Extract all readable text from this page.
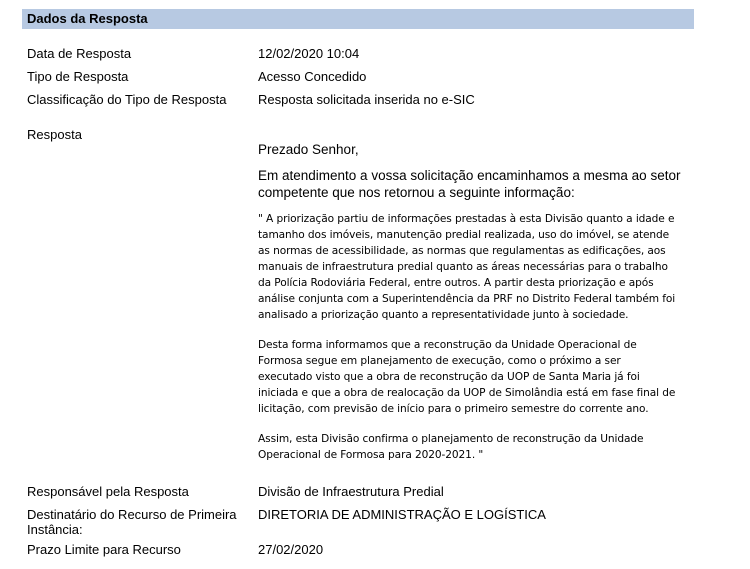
Dados da Resposta
Data de Resposta	12/02/2020 10:04
Tipo de Resposta	Acesso Concedido
Classificação do Tipo de Resposta	Resposta solicitada inserida no e-SIC
Resposta
Prezado Senhor,
Em atendimento a vossa solicitação encaminhamos a mesma ao setor
competente que nos retornou a seguinte informação:
" A priorização partiu de informações prestadas à esta Divisão quanto a idade e
tamanho dos imóveis, manutenção predial realizada, uso do imóvel, se atende
as normas de acessibilidade, as normas que regulamentas as edificações, aos
manuais de infraestrutura predial quanto as áreas necessárias para o trabalho
da Polícia Rodoviária Federal, entre outros. A partir desta priorização e após
análise conjunta com a Superintendência da PRF no Distrito Federal também foi
analisado a priorização quanto a representatividade junto à sociedade.
Desta forma informamos que a reconstrução da Unidade Operacional de
Formosa segue em planejamento de execução, como o próximo a ser
executado visto que a obra de reconstrução da UOP de Santa Maria já foi
iniciada e que a obra de realocação da UOP de Simolândia está em fase final de
licitação, com previsão de início para o primeiro semestre do corrente ano.
Assim, esta Divisão confirma o planejamento de reconstrução da Unidade
Operacional de Formosa para 2020-2021. "
Responsável pela Resposta	Divisão de Infraestrutura Predial
Destinatário do Recurso de Primeira
Instância:
DIRETORIA DE ADMINISTRAÇÃO E LOGÍSTICA
Prazo Limite para Recurso	27/02/2020
